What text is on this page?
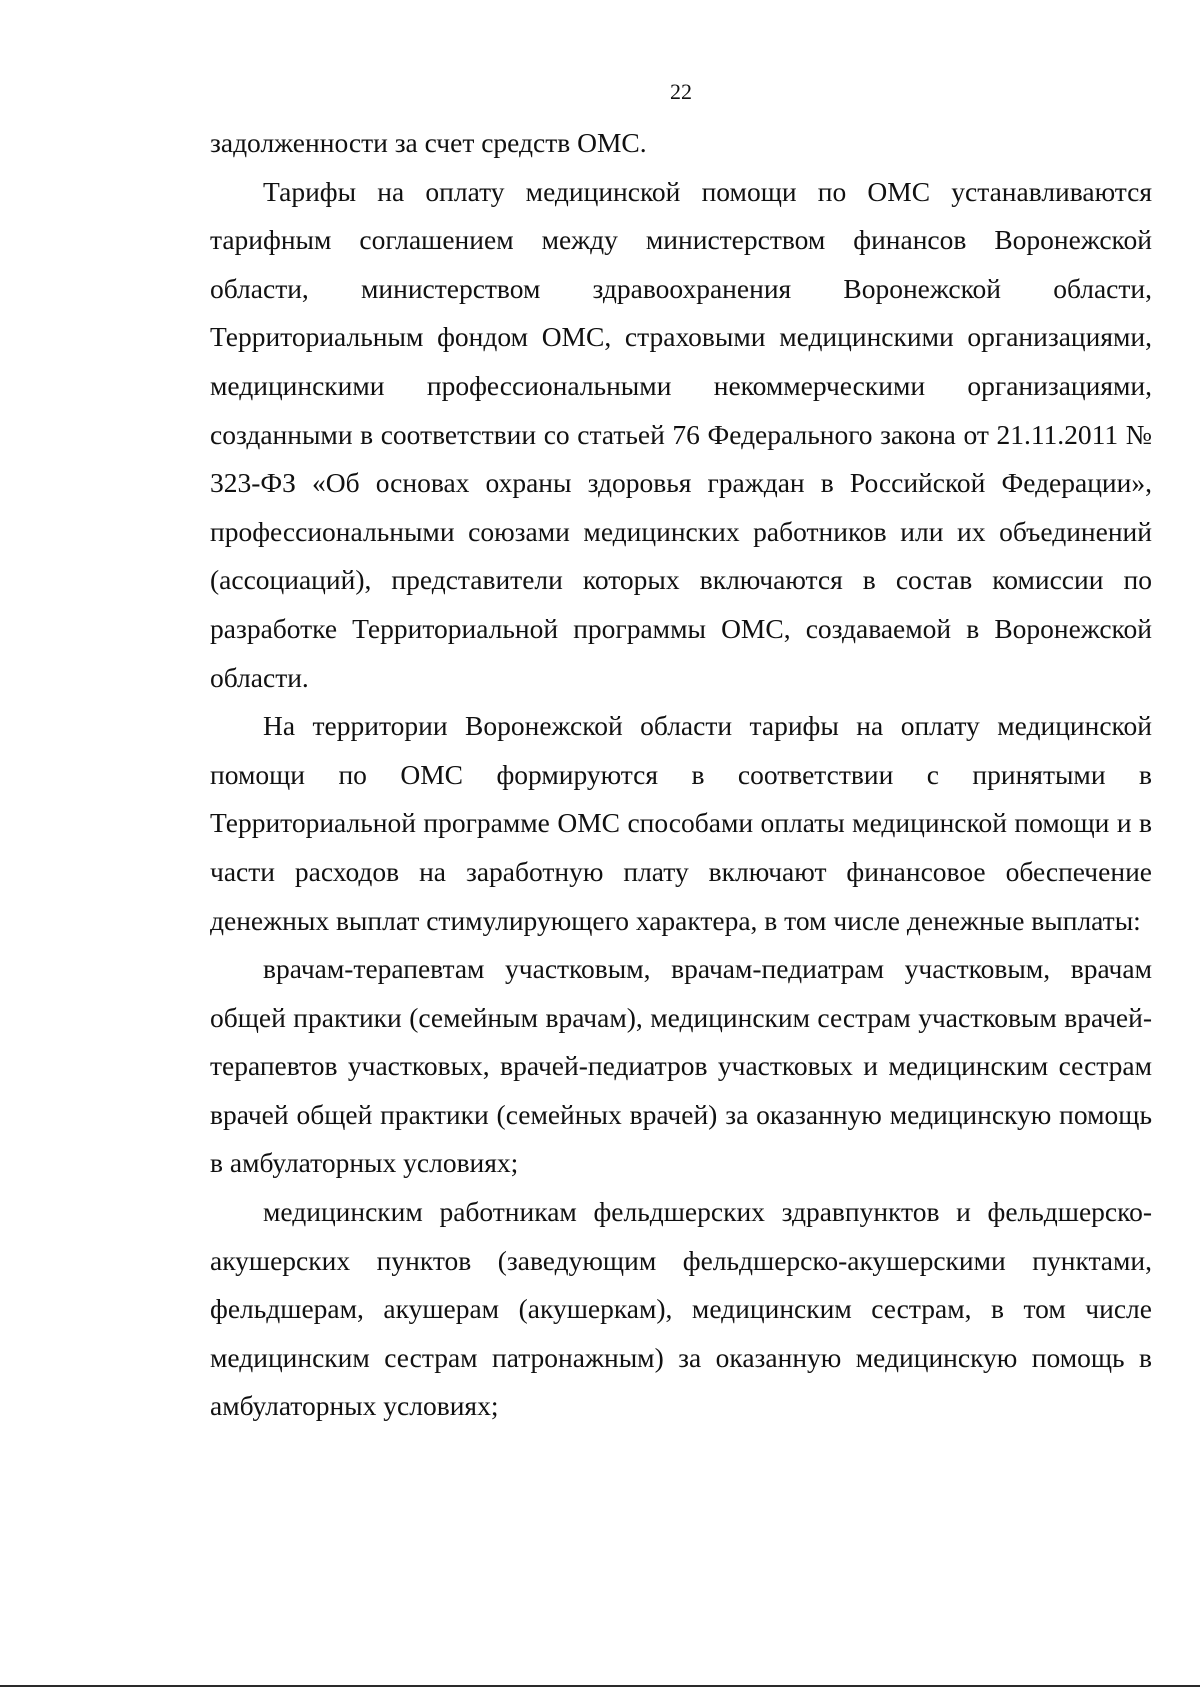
22

задолженности за счет средств ОМС.

Тарифы на оплату медицинской помощи по ОМС устанавливаются тарифным соглашением между министерством финансов Воронежской области, министерством здравоохранения Воронежской области, Территориальным фондом ОМС, страховыми медицинскими организациями, медицинскими профессиональными некоммерческими организациями, созданными в соответствии со статьей 76 Федерального закона от 21.11.2011 № 323-ФЗ «Об основах охраны здоровья граждан в Российской Федерации», профессиональными союзами медицинских работников или их объединений (ассоциаций), представители которых включаются в состав комиссии по разработке Территориальной программы ОМС, создаваемой в Воронежской области.

На территории Воронежской области тарифы на оплату медицинской помощи по ОМС формируются в соответствии с принятыми в Территориальной программе ОМС способами оплаты медицинской помощи и в части расходов на заработную плату включают финансовое обеспечение денежных выплат стимулирующего характера, в том числе денежные выплаты:

врачам-терапевтам участковым, врачам-педиатрам участковым, врачам общей практики (семейным врачам), медицинским сестрам участковым врачей-терапевтов участковых, врачей-педиатров участковых и медицинским сестрам врачей общей практики (семейных врачей) за оказанную медицинскую помощь в амбулаторных условиях;

медицинским работникам фельдшерских здравпунктов и фельдшерско-акушерских пунктов (заведующим фельдшерско-акушерскими пунктами, фельдшерам, акушерам (акушеркам), медицинским сестрам, в том числе медицинским сестрам патронажным) за оказанную медицинскую помощь в амбулаторных условиях;
